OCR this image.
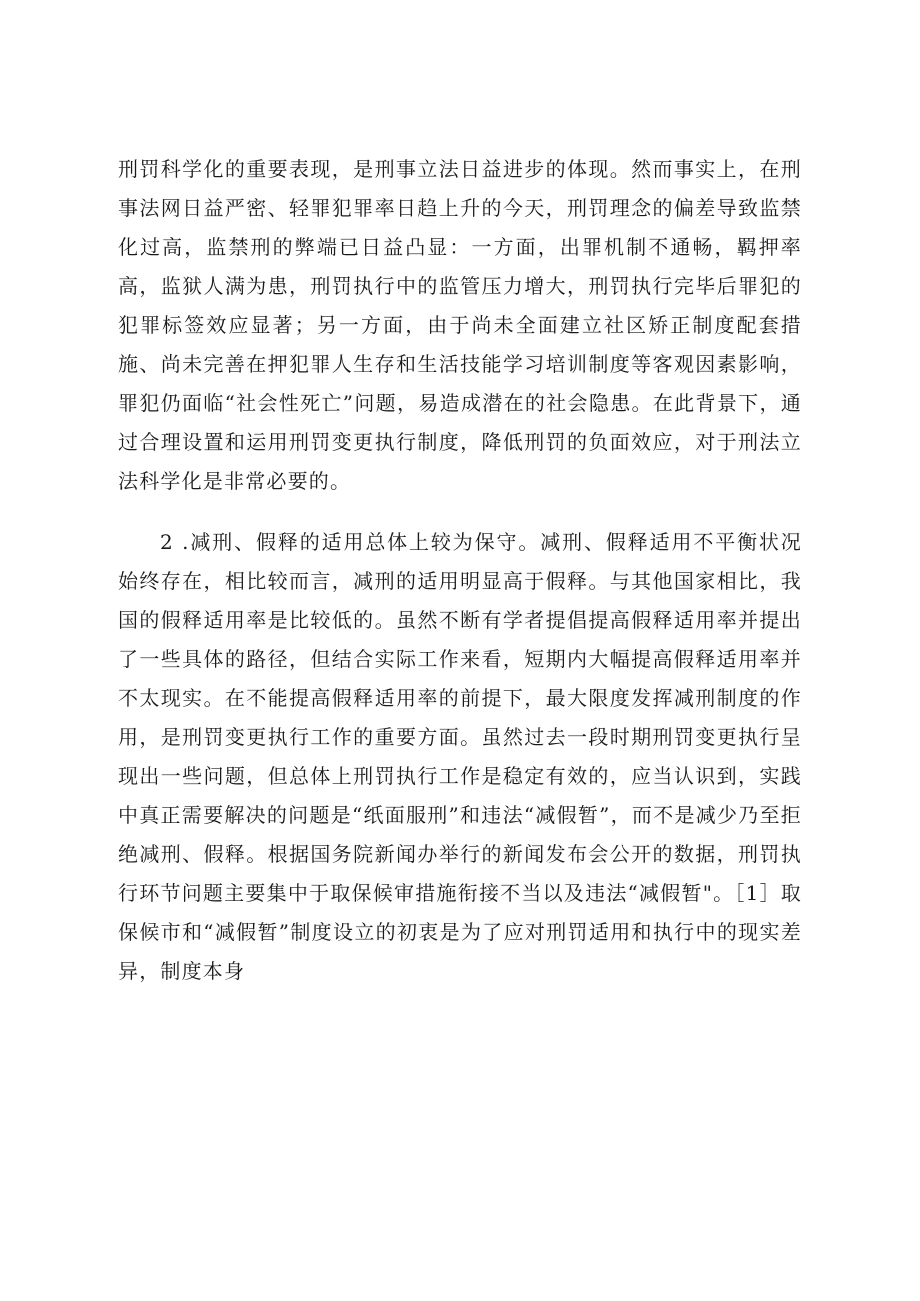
刑罚科学化的重要表现，是刑事立法日益进步的体现。然而事实上，在刑事法网日益严密、轻罪犯罪率日趋上升的今天，刑罚理念的偏差导致监禁化过高，监禁刑的弊端已日益凸显：一方面，出罪机制不通畅，羁押率高，监狱人满为患，刑罚执行中的监管压力增大，刑罚执行完毕后罪犯的犯罪标签效应显著；另一方面，由于尚未全面建立社区矫正制度配套措施、尚未完善在押犯罪人生存和生活技能学习培训制度等客观因素影响，罪犯仍面临“社会性死亡”问题，易造成潜在的社会隐患。在此背景下，通过合理设置和运用刑罚变更执行制度，降低刑罚的负面效应，对于刑法立法科学化是非常必要的。

2 .减刑、假释的适用总体上较为保守。减刑、假释适用不平衡状况始终存在，相比较而言，减刑的适用明显高于假释。与其他国家相比，我国的假释适用率是比较低的。虽然不断有学者提倡提高假释适用率并提出了一些具体的路径，但结合实际工作来看，短期内大幅提高假释适用率并不太现实。在不能提高假释适用率的前提下，最大限度发挥减刑制度的作用，是刑罚变更执行工作的重要方面。虽然过去一段时期刑罚变更执行呈现出一些问题，但总体上刑罚执行工作是稳定有效的，应当认识到，实践中真正需要解决的问题是“纸面服刑”和违法“减假暂”，而不是减少乃至拒绝减刑、假释。根据国务院新闻办举行的新闻发布会公开的数据，刑罚执行环节问题主要集中于取保候审措施衔接不当以及违法“减假暂"。［1］取保候市和“减假暂”制度设立的初衷是为了应对刑罚适用和执行中的现实差异，制度本身
